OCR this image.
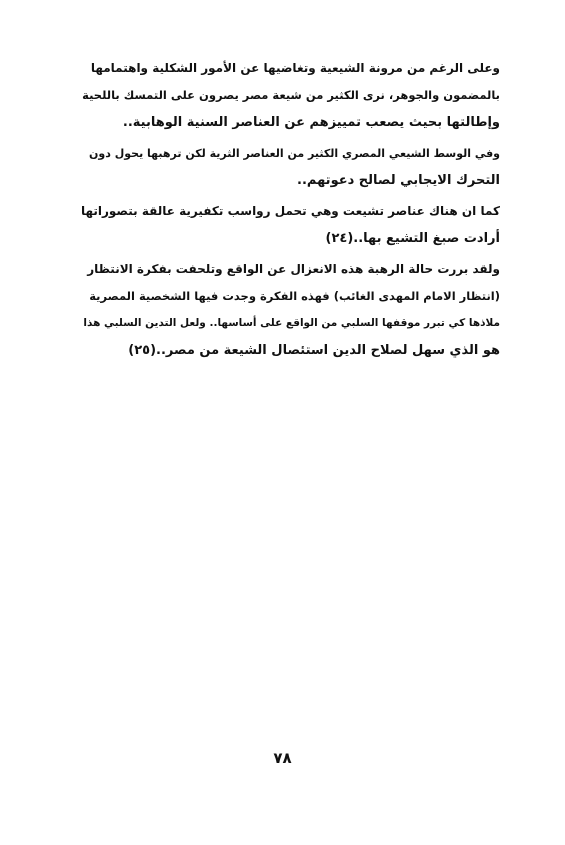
وعلى الرغم من مرونة الشيعية وتغاضيها عن الأمور الشكلية واهتمامها
بالمضمون والجوهر، نرى الكثير من شيعة مصر يصرون على التمسك باللحية
وإطالتها بحيث يصعب تمييزهم عن العناصر السنية الوهابية..

وفي الوسط الشيعي المصري الكثير من العناصر الثرية لكن ترهبها يحول دون
التحرك الايجابي لصالح دعوتهم..

كما ان هناك عناصر تشيعت وهي تحمل رواسب تكفيرية عالقة بتصوراتها
أرادت صبغ التشيع بها..(٢٤)

ولقد بررت حالة الرهبة هذه الانعزال عن الواقع وتلحفت بفكرة الانتظار
(انتظار الامام المهدى الغائب) فهذه الفكرة وجدت فيها الشخصية المصرية
ملاذها كي تبرر موقفها السلبي من الواقع على أساسها.. ولعل التدين السلبي هذا
هو الذي سهل لصلاح الدين استئصال الشيعة من مصر..(٢٥)

٧٨
